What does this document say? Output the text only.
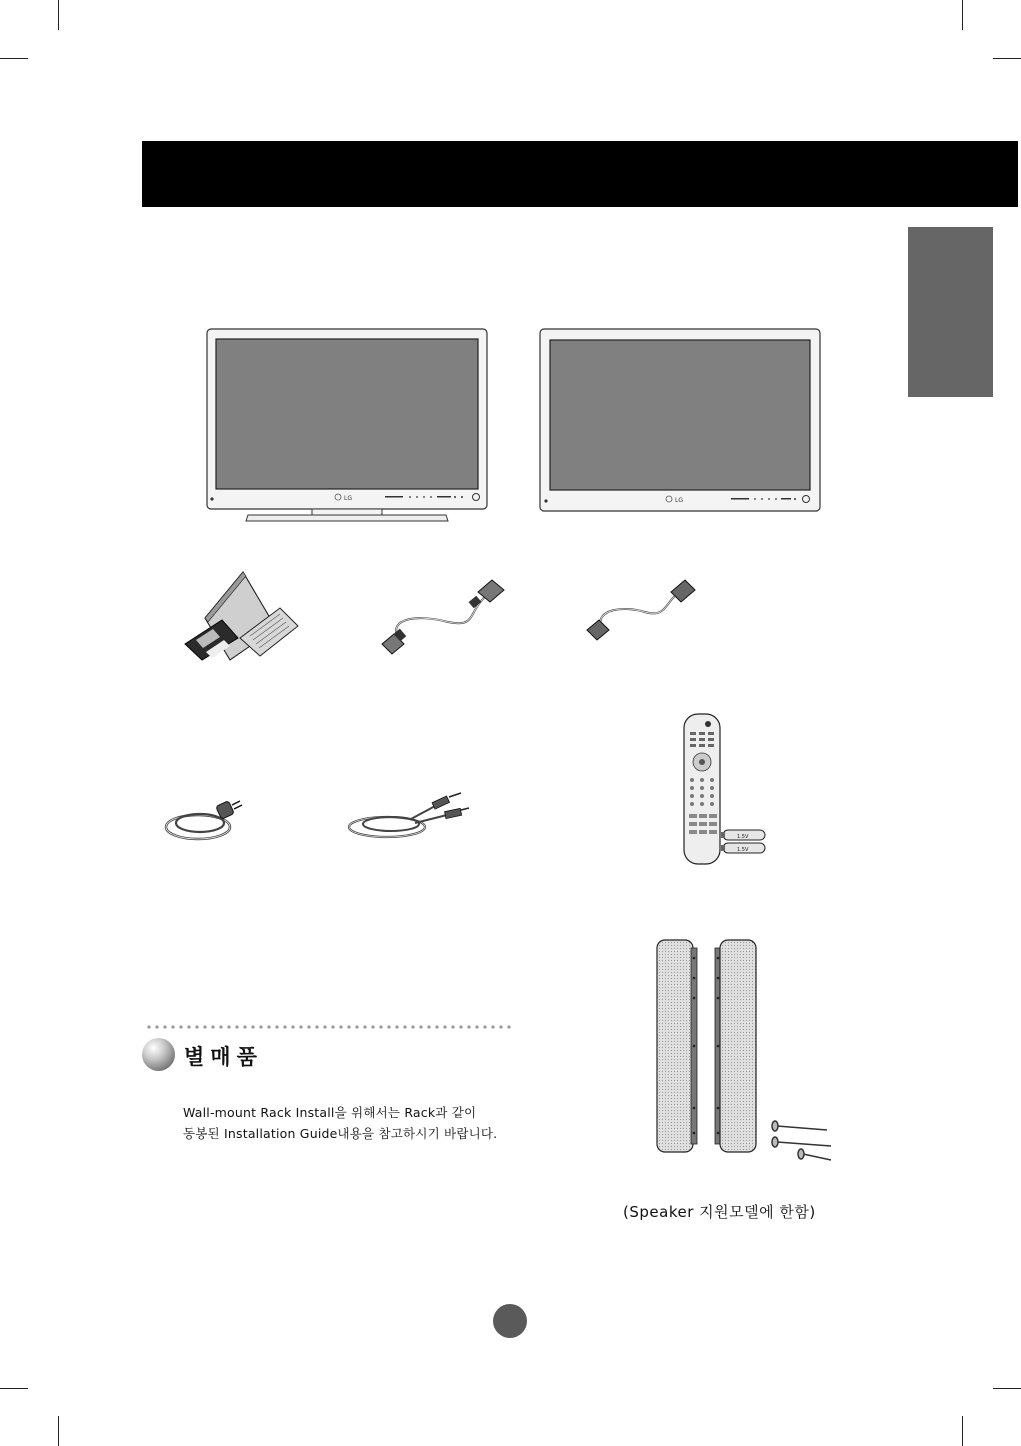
LG	LG
1.5V
1.5V
별매품
Wall-mount Rack Install을 위해서는 Rack과 같이
동봉된 Installation Guide내용을 참고하시기 바랍니다.
(Speaker 지원모델에 한함)
